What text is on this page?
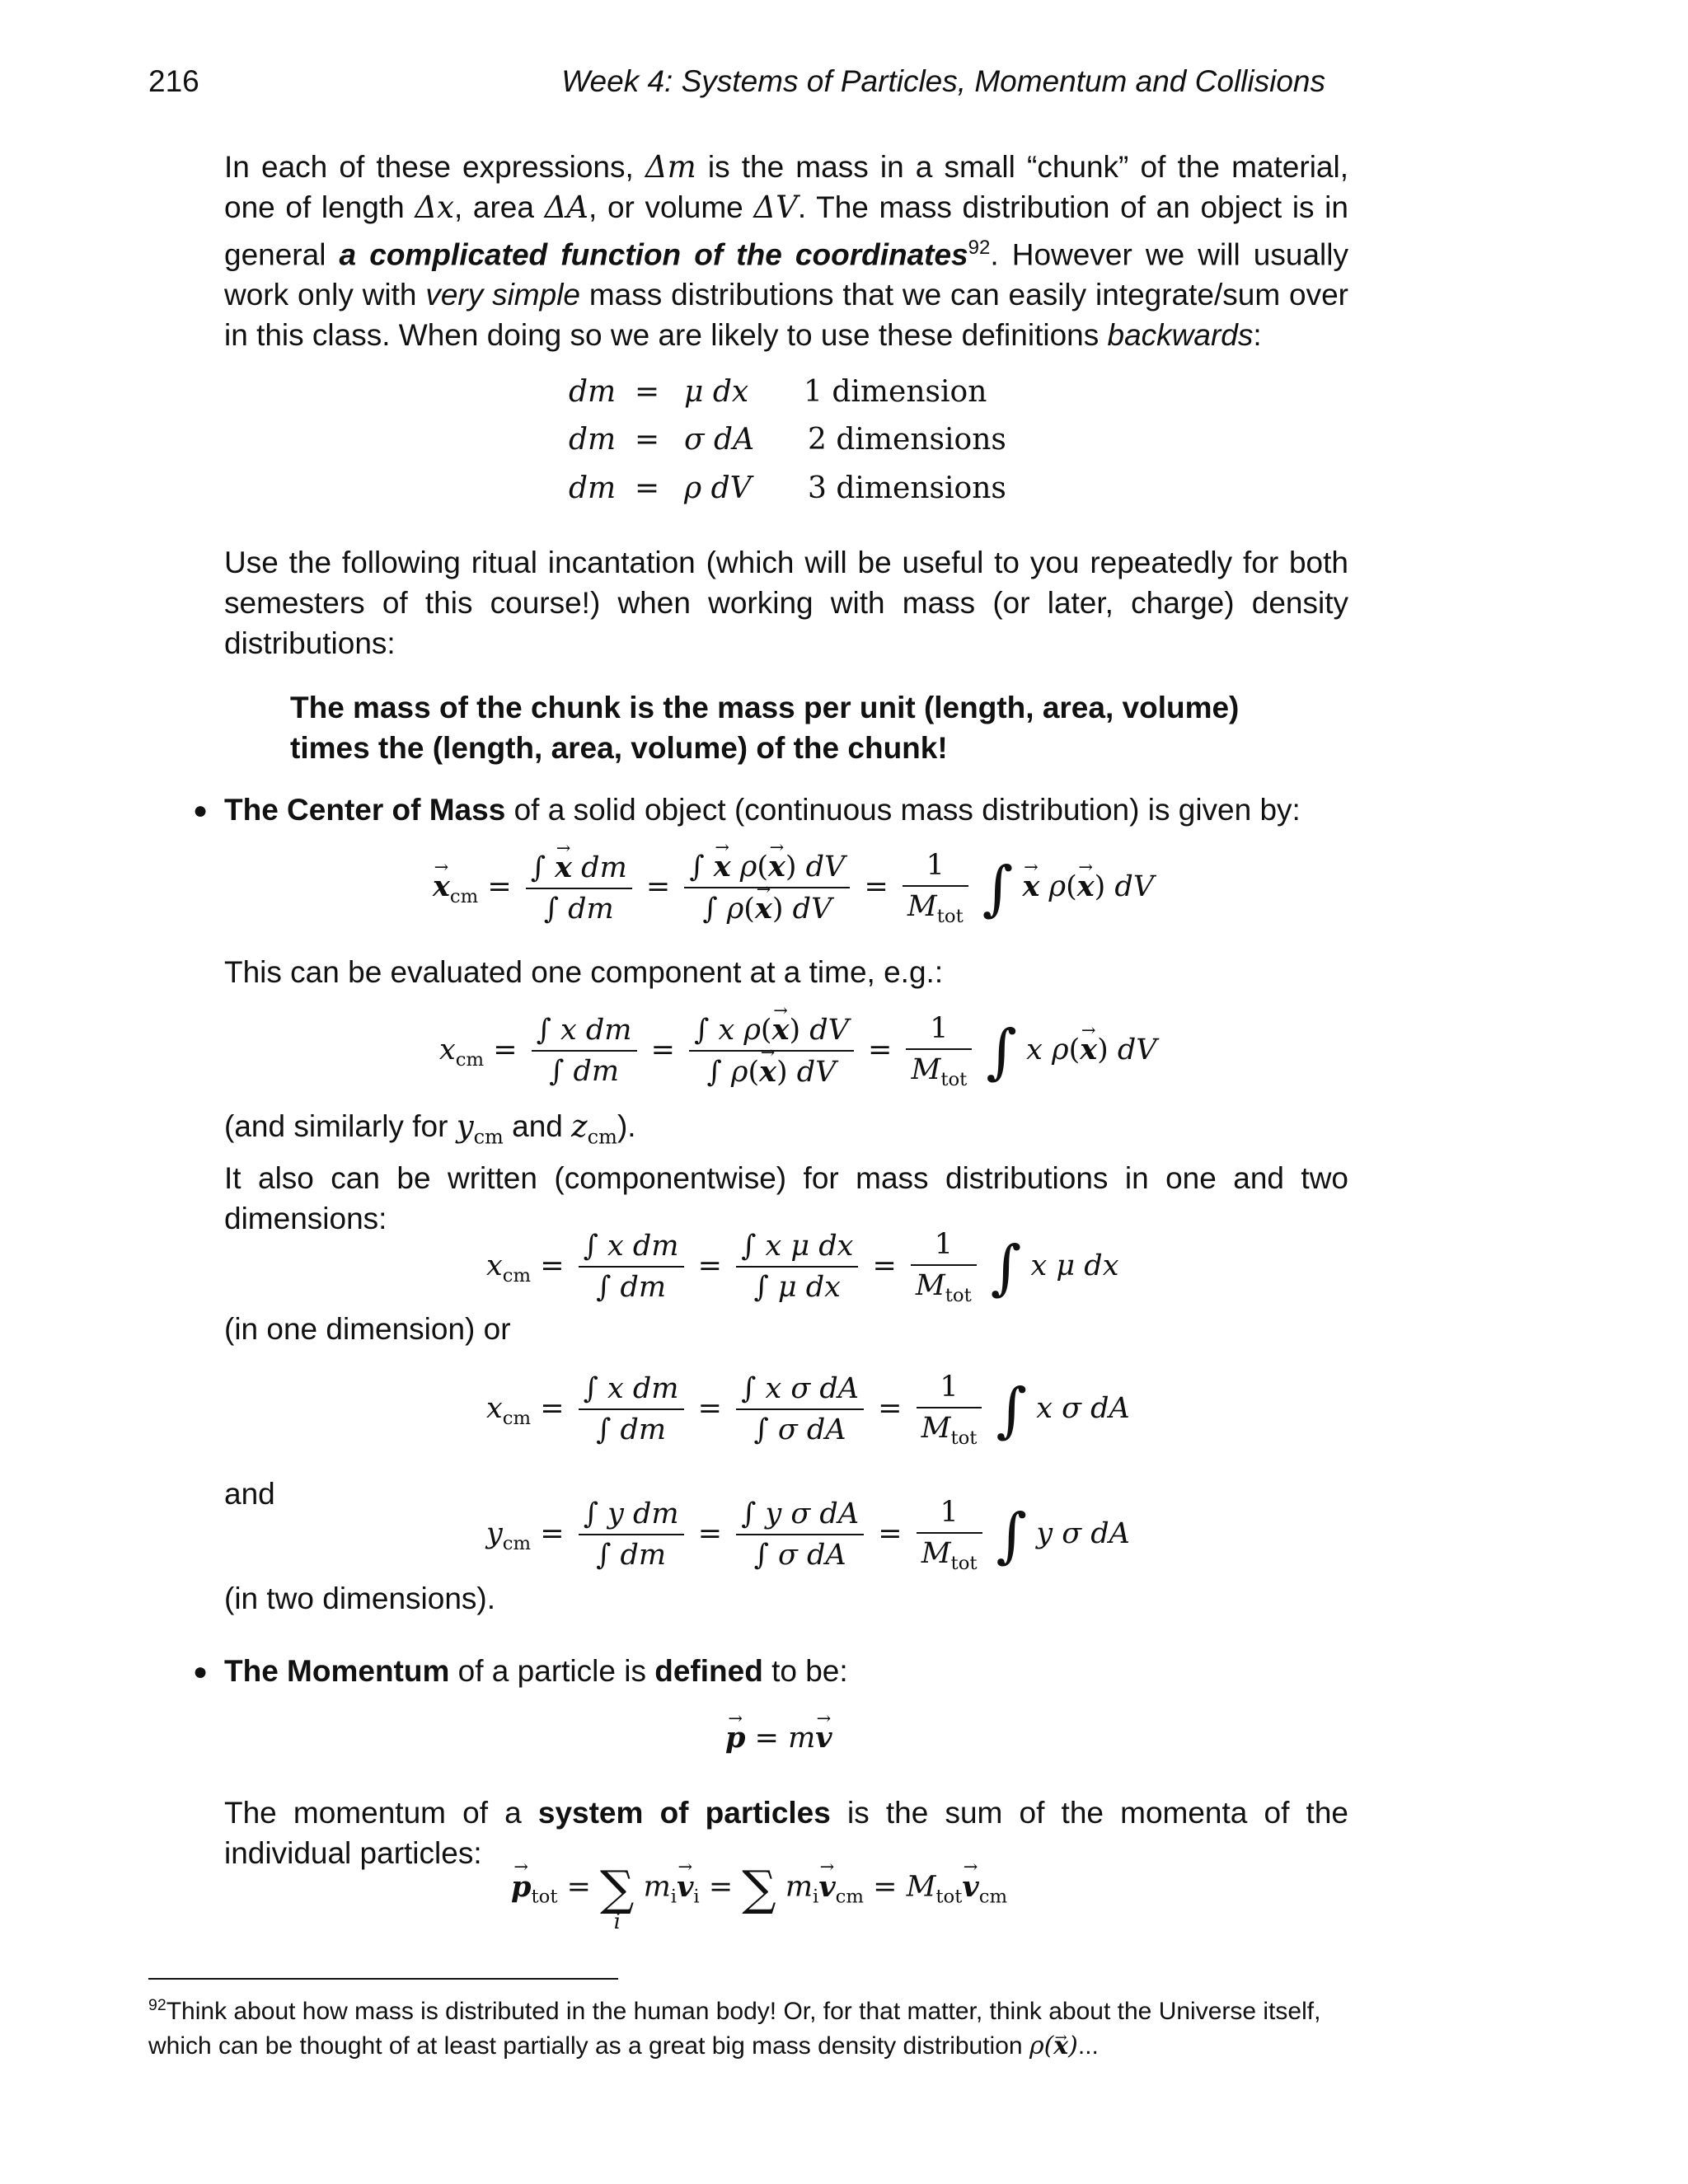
216	Week 4: Systems of Particles, Momentum and Collisions
In each of these expressions, Δm is the mass in a small “chunk” of the material, one of length Δx, area ΔA, or volume ΔV. The mass distribution of an object is in general a complicated function of the coordinates$^{92}$. However we will usually work only with very simple mass distributions that we can easily integrate/sum over in this class. When doing so we are likely to use these definitions backwards:
dm = μ dx 1 dimension
dm = σ dA 2 dimensions
dm = ρ dV 3 dimensions
Use the following ritual incantation (which will be useful to you repeatedly for both semesters of this course!) when working with mass (or later, charge) density distributions:
The mass of the chunk is the mass per unit (length, area, volume) times the (length, area, volume) of the chunk!
● The Center of Mass of a solid object (continuous mass distribution) is given by:
$x \to_{cm} = \frac{\int x \to dm}{\int dm} = \frac{\int x \to \rho(x \to) dV}{\int \rho(x \to) dV} = \frac{1}{M_{tot}}$ ∫ x → ρ(x →) dV
This can be evaluated one component at a time, e.g.:
$x_{cm} = \frac{\text{∫ x dm}}{\int dm} = \frac{\text{∫ x ρ(x →) dV}}{\int \rho(x \to) dV} = \frac{1}{M_{tot}}$ ∫ x ρ(x →) dV
(and similarly for $y_{cm}$ and $z_{cm}$).
It also can be written (componentwise) for mass distributions in one and two dimensions:
$x_{cm} = \frac{\text{∫ x dm}}{\int dm} = \frac{\text{∫ x μ dx}}{\text{∫ μ dx}} = \frac{1}{M_{tot}}$ ∫ x μ dx
(in one dimension) or
$x_{cm} = \frac{\text{∫ x dm}}{\int dm} = \frac{\text{∫ x σ dA}}{\text{∫ σ dA}} = \frac{1}{M_{tot}}$ ∫ x σ dA
and
$y_{cm} = \frac{\text{∫ y dm}}{\int dm} = \frac{\text{∫ y σ dA}}{\text{∫ σ dA}} = \frac{1}{M_{tot}}$ ∫ y σ dA
(in two dimensions).
● The Momentum of a particle is defined to be:
p → = mv →
The momentum of a system of particles is the sum of the momenta of the individual particles:
$p \to_{tot}$ = ∑
i
$m_iv \to_i$ = ∑ $m_iv \to_{cm} = M_{tot}v \to_{cm}$
$^{92}$Think about how mass is distributed in the human body! Or, for that matter, think about the Universe itself, which can be thought of at least partially as a great big mass density distribution ρ(x →)...
